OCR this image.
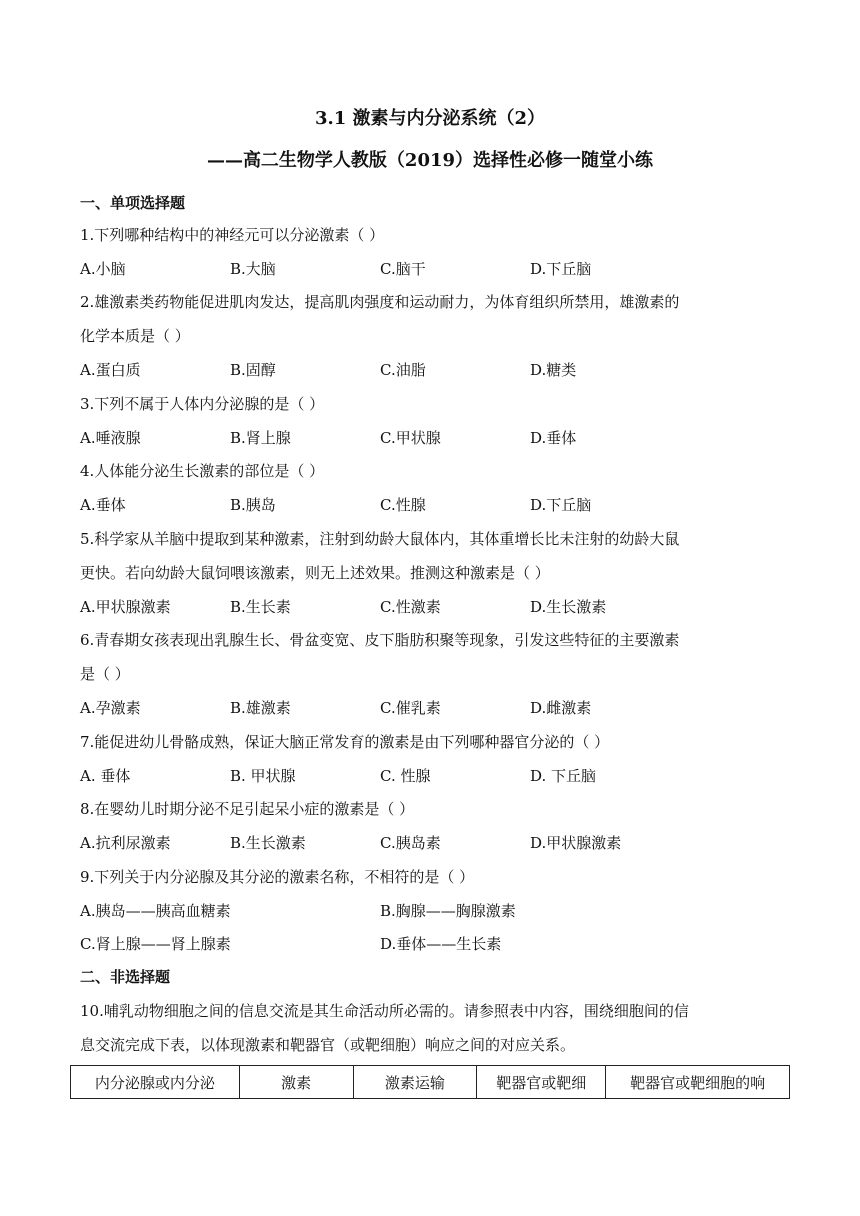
3.1 激素与内分泌系统（2）
——高二生物学人教版（2019）选择性必修一随堂小练
一、单项选择题
1.下列哪种结构中的神经元可以分泌激素（ ）
A.小脑	B.大脑	C.脑干	D.下丘脑
2.雄激素类药物能促进肌肉发达，提高肌肉强度和运动耐力，为体育组织所禁用，雄激素的
化学本质是（ ）
A.蛋白质	B.固醇	C.油脂	D.糖类
3.下列不属于人体内分泌腺的是（ ）
A.唾液腺	B.肾上腺	C.甲状腺	D.垂体
4.人体能分泌生长激素的部位是（ ）
A.垂体	B.胰岛	C.性腺	D.下丘脑
5.科学家从羊脑中提取到某种激素，注射到幼龄大鼠体内，其体重增长比未注射的幼龄大鼠
更快。若向幼龄大鼠饲喂该激素，则无上述效果。推测这种激素是（ ）
A.甲状腺激素	B.生长素	C.性激素	D.生长激素
6.青春期女孩表现出乳腺生长、骨盆变宽、皮下脂肪积聚等现象，引发这些特征的主要激素
是（ ）
A.孕激素	B.雄激素	C.催乳素	D.雌激素
7.能促进幼儿骨骼成熟，保证大脑正常发育的激素是由下列哪种器官分泌的（ ）
A. 垂体	B. 甲状腺	C. 性腺	D. 下丘脑
8.在婴幼儿时期分泌不足引起呆小症的激素是（ ）
A.抗利尿激素	B.生长激素	C.胰岛素	D.甲状腺激素
9.下列关于内分泌腺及其分泌的激素名称，不相符的是（ ）
A.胰岛——胰高血糖素	B.胸腺——胸腺激素
C.肾上腺——肾上腺素	D.垂体——生长素
二、非选择题
10.哺乳动物细胞之间的信息交流是其生命活动所必需的。请参照表中内容，围绕细胞间的信
息交流完成下表，以体现激素和靶器官（或靶细胞）响应之间的对应关系。
内分泌腺或内分泌	激素	激素运输	靶器官或靶细	靶器官或靶细胞的响
